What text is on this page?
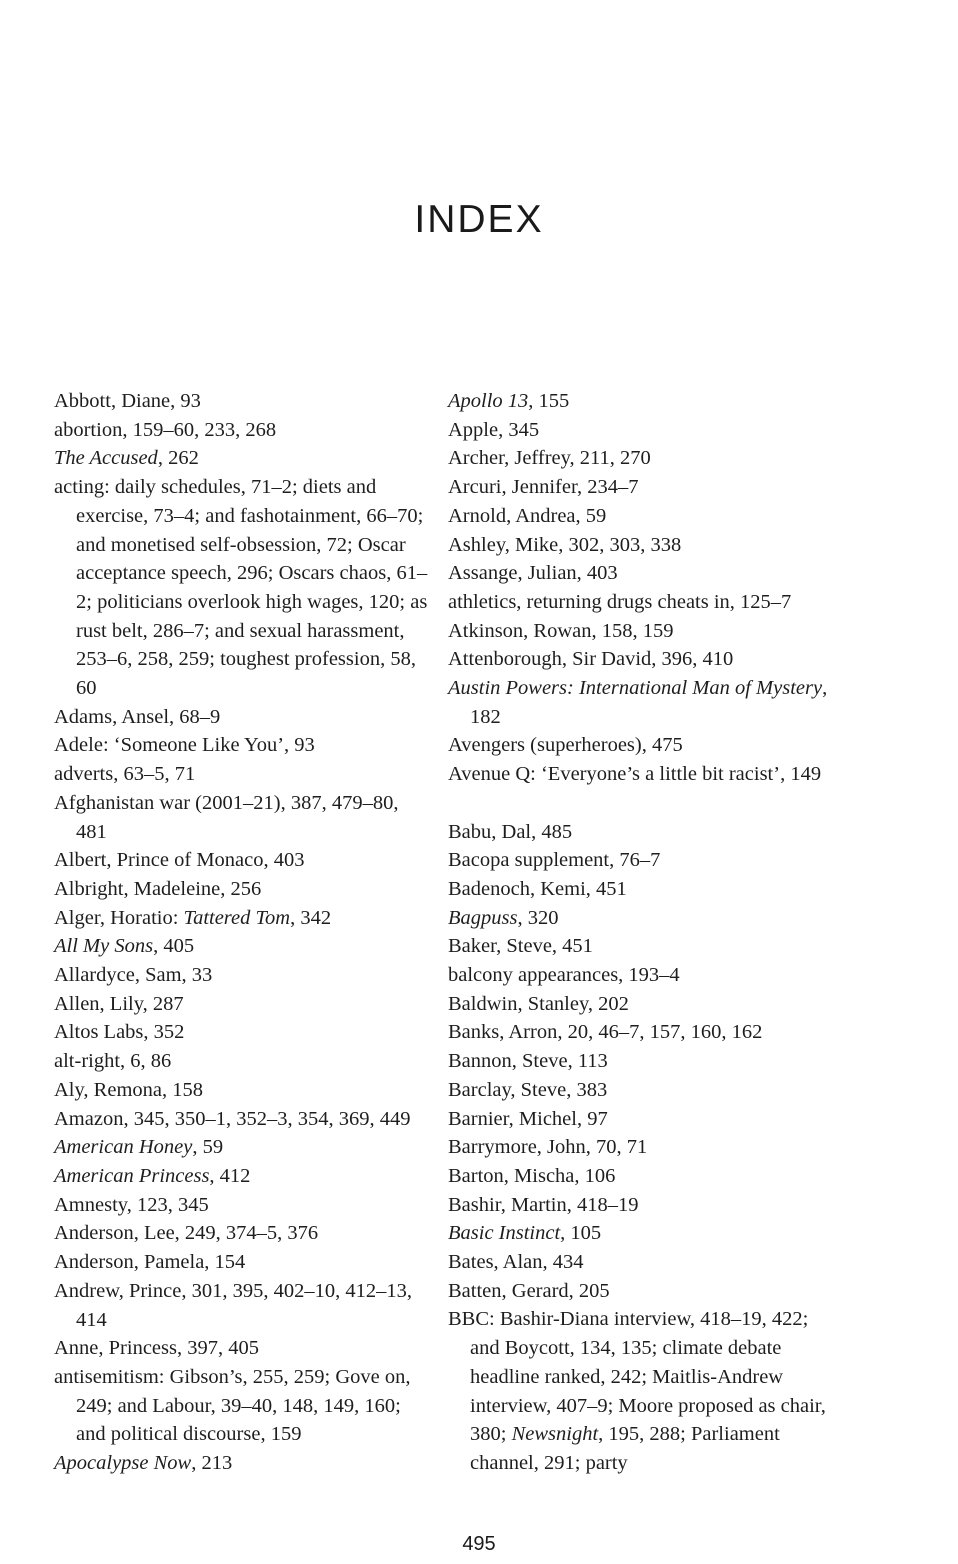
INDEX
Abbott, Diane, 93
abortion, 159–60, 233, 268
The Accused, 262
acting: daily schedules, 71–2; diets and exercise, 73–4; and fashotainment, 66–70; and monetised self-obsession, 72; Oscar acceptance speech, 296; Oscars chaos, 61–2; politicians overlook high wages, 120; as rust belt, 286–7; and sexual harassment, 253–6, 258, 259; toughest profession, 58, 60
Adams, Ansel, 68–9
Adele: ‘Someone Like You’, 93
adverts, 63–5, 71
Afghanistan war (2001–21), 387, 479–80, 481
Albert, Prince of Monaco, 403
Albright, Madeleine, 256
Alger, Horatio: Tattered Tom, 342
All My Sons, 405
Allardyce, Sam, 33
Allen, Lily, 287
Altos Labs, 352
alt-right, 6, 86
Aly, Remona, 158
Amazon, 345, 350–1, 352–3, 354, 369, 449
American Honey, 59
American Princess, 412
Amnesty, 123, 345
Anderson, Lee, 249, 374–5, 376
Anderson, Pamela, 154
Andrew, Prince, 301, 395, 402–10, 412–13, 414
Anne, Princess, 397, 405
antisemitism: Gibson’s, 255, 259; Gove on, 249; and Labour, 39–40, 148, 149, 160; and political discourse, 159
Apocalypse Now, 213
Apollo 13, 155
Apple, 345
Archer, Jeffrey, 211, 270
Arcuri, Jennifer, 234–7
Arnold, Andrea, 59
Ashley, Mike, 302, 303, 338
Assange, Julian, 403
athletics, returning drugs cheats in, 125–7
Atkinson, Rowan, 158, 159
Attenborough, Sir David, 396, 410
Austin Powers: International Man of Mystery, 182
Avengers (superheroes), 475
Avenue Q: ‘Everyone’s a little bit racist’, 149
Babu, Dal, 485
Bacopa supplement, 76–7
Badenoch, Kemi, 451
Bagpuss, 320
Baker, Steve, 451
balcony appearances, 193–4
Baldwin, Stanley, 202
Banks, Arron, 20, 46–7, 157, 160, 162
Bannon, Steve, 113
Barclay, Steve, 383
Barnier, Michel, 97
Barrymore, John, 70, 71
Barton, Mischa, 106
Bashir, Martin, 418–19
Basic Instinct, 105
Bates, Alan, 434
Batten, Gerard, 205
BBC: Bashir-Diana interview, 418–19, 422; and Boycott, 134, 135; climate debate headline ranked, 242; Maitlis-Andrew interview, 407–9; Moore proposed as chair, 380; Newsnight, 195, 288; Parliament channel, 291; party
495
